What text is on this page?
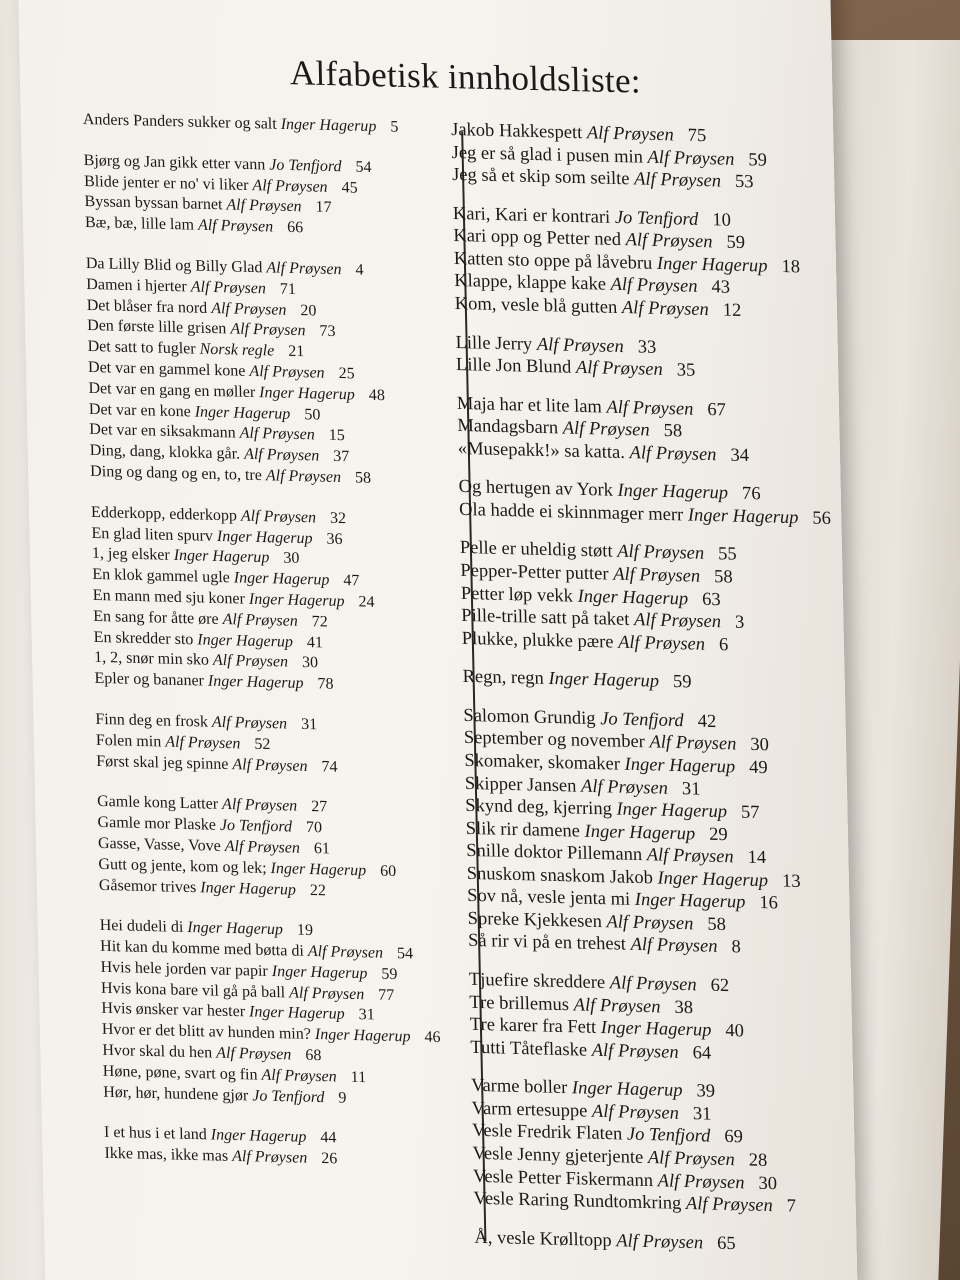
Alfabetisk innholdsliste:
Anders Panders sukker og salt Inger Hagerup 5
Bjørg og Jan gikk etter vann Jo Tenfjord 54
Blide jenter er no' vi liker Alf Prøysen 45
Byssan byssan barnet Alf Prøysen 17
Bæ, bæ, lille lam Alf Prøysen 66
Da Lilly Blid og Billy Glad Alf Prøysen 4
Damen i hjerter Alf Prøysen 71
Det blåser fra nord Alf Prøysen 20
Den første lille grisen Alf Prøysen 73
Det satt to fugler Norsk regle 21
Det var en gammel kone Alf Prøysen 25
Det var en gang en møller Inger Hagerup 48
Det var en kone Inger Hagerup 50
Det var en siksakmann Alf Prøysen 15
Ding, dang, klokka går. Alf Prøysen 37
Ding og dang og en, to, tre Alf Prøysen 58
Edderkopp, edderkopp Alf Prøysen 32
En glad liten spurv Inger Hagerup 36
1, jeg elsker Inger Hagerup 30
En klok gammel ugle Inger Hagerup 47
En mann med sju koner Inger Hagerup 24
En sang for åtte øre Alf Prøysen 72
En skredder sto Inger Hagerup 41
1, 2, snør min sko Alf Prøysen 30
Epler og bananer Inger Hagerup 78
Finn deg en frosk Alf Prøysen 31
Folen min Alf Prøysen 52
Først skal jeg spinne Alf Prøysen 74
Gamle kong Latter Alf Prøysen 27
Gamle mor Plaske Jo Tenfjord 70
Gasse, Vasse, Vove Alf Prøysen 61
Gutt og jente, kom og lek; Inger Hagerup 60
Gåsemor trives Inger Hagerup 22
Hei dudeli di Inger Hagerup 19
Hit kan du komme med bøtta di Alf Prøysen 54
Hvis hele jorden var papir Inger Hagerup 59
Hvis kona bare vil gå på ball Alf Prøysen 77
Hvis ønsker var hester Inger Hagerup 31
Hvor er det blitt av hunden min? Inger Hagerup 46
Hvor skal du hen Alf Prøysen 68
Høne, pøne, svart og fin Alf Prøysen 11
Hør, hør, hundene gjør Jo Tenfjord 9
I et hus i et land Inger Hagerup 44
Ikke mas, ikke mas Alf Prøysen 26
Jakob Hakkespett Alf Prøysen 75
Jeg er så glad i pusen min Alf Prøysen 59
Jeg så et skip som seilte Alf Prøysen 53
Kari, Kari er kontrari Jo Tenfjord 10
Kari opp og Petter ned Alf Prøysen 59
Katten sto oppe på låvebru Inger Hagerup 18
Klappe, klappe kake Alf Prøysen 43
Kom, vesle blå gutten Alf Prøysen 12
Lille Jerry Alf Prøysen 33
Lille Jon Blund Alf Prøysen 35
Maja har et lite lam Alf Prøysen 67
Mandagsbarn Alf Prøysen 58
«Musepakk!» sa katta. Alf Prøysen 34
Og hertugen av York Inger Hagerup 76
Ola hadde ei skinnmager merr Inger Hagerup 56
Pelle er uheldig støtt Alf Prøysen 55
Pepper-Petter putter Alf Prøysen 58
Petter løp vekk Inger Hagerup 63
Pille-trille satt på taket Alf Prøysen 3
Plukke, plukke pære Alf Prøysen 6
Regn, regn Inger Hagerup 59
Salomon Grundig Jo Tenfjord 42
September og november Alf Prøysen 30
Skomaker, skomaker Inger Hagerup 49
Skipper Jansen Alf Prøysen 31
Skynd deg, kjerring Inger Hagerup 57
Slik rir damene Inger Hagerup 29
Snille doktor Pillemann Alf Prøysen 14
Snuskom snaskom Jakob Inger Hagerup 13
Sov nå, vesle jenta mi Inger Hagerup 16
Spreke Kjekkesen Alf Prøysen 58
Så rir vi på en trehest Alf Prøysen 8
Tjuefire skreddere Alf Prøysen 62
Tre brillemus Alf Prøysen 38
Tre karer fra Fett Inger Hagerup 40
Tutti Tåteflaske Alf Prøysen 64
Varme boller Inger Hagerup 39
Varm ertesuppe Alf Prøysen 31
Vesle Fredrik Flaten Jo Tenfjord 69
Vesle Jenny gjeterjente Alf Prøysen 28
Vesle Petter Fiskermann Alf Prøysen 30
Vesle Raring Rundtomkring Alf Prøysen 7
Å, vesle Krølltopp Alf Prøysen 65
